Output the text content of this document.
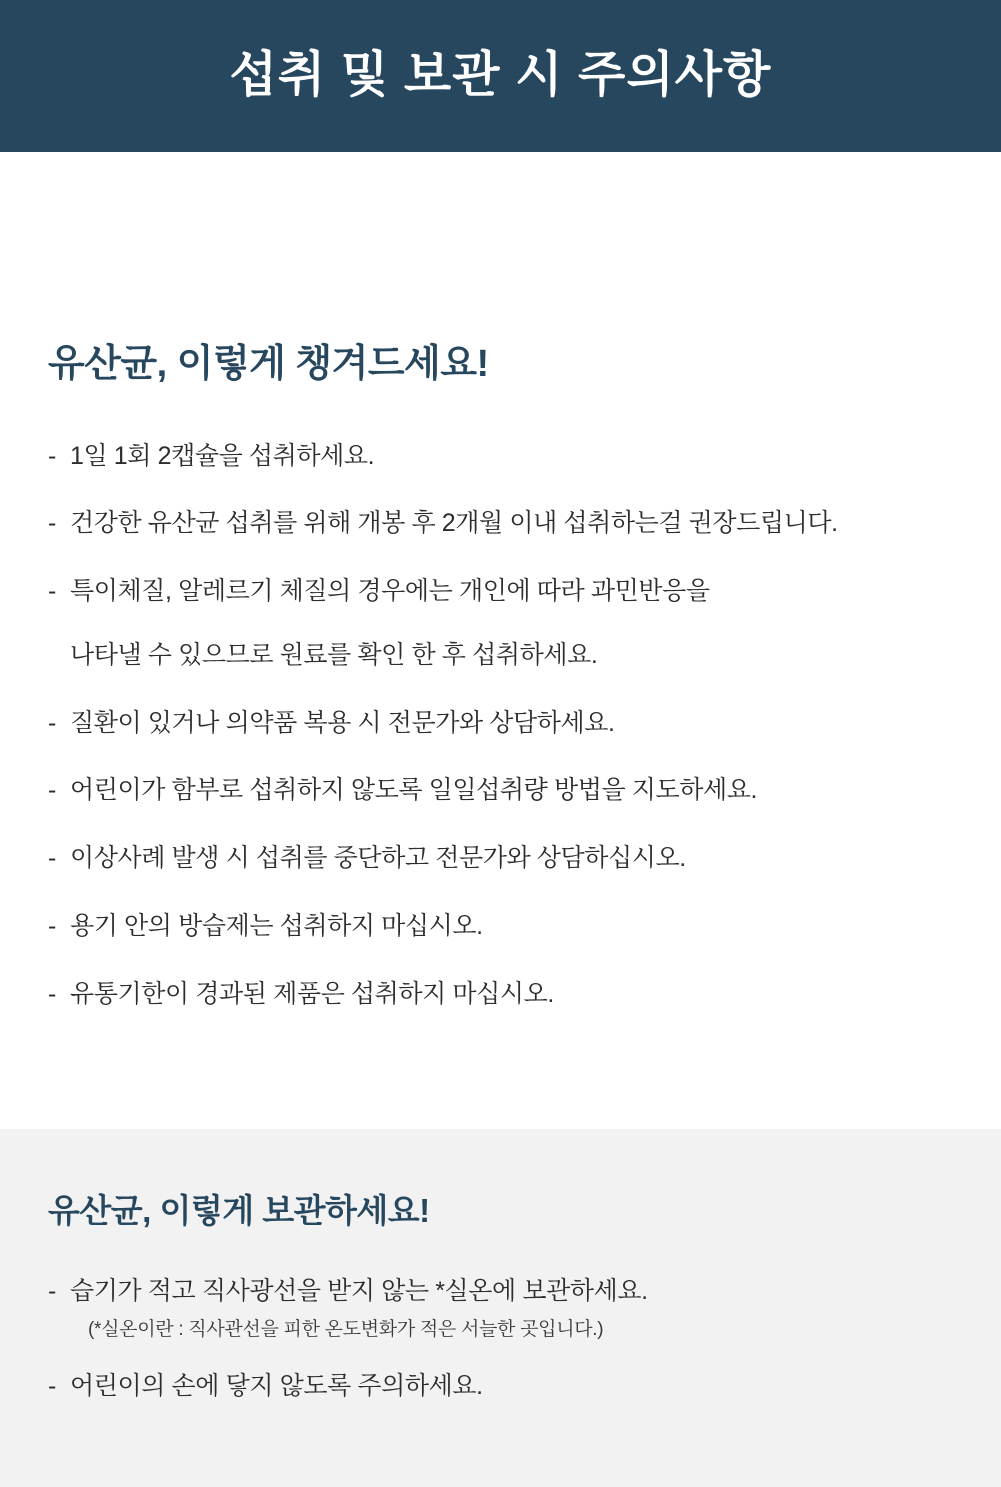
섭취 및 보관 시 주의사항
유산균, 이렇게 챙겨드세요!
- 1일 1회 2캡슐을 섭취하세요.
- 건강한 유산균 섭취를 위해 개봉 후 2개월 이내 섭취하는걸 권장드립니다.
- 특이체질, 알레르기 체질의 경우에는 개인에 따라 과민반응을
나타낼 수 있으므로 원료를 확인 한 후 섭취하세요.
- 질환이 있거나 의약품 복용 시 전문가와 상담하세요.
- 어린이가 함부로 섭취하지 않도록 일일섭취량 방법을 지도하세요.
- 이상사례 발생 시 섭취를 중단하고 전문가와 상담하십시오.
- 용기 안의 방습제는 섭취하지 마십시오.
- 유통기한이 경과된 제품은 섭취하지 마십시오.
유산균, 이렇게 보관하세요!
- 습기가 적고 직사광선을 받지 않는 *실온에 보관하세요.
(*실온이란 : 직사관선을 피한 온도변화가 적은 서늘한 곳입니다.)
- 어린이의 손에 닿지 않도록 주의하세요.
